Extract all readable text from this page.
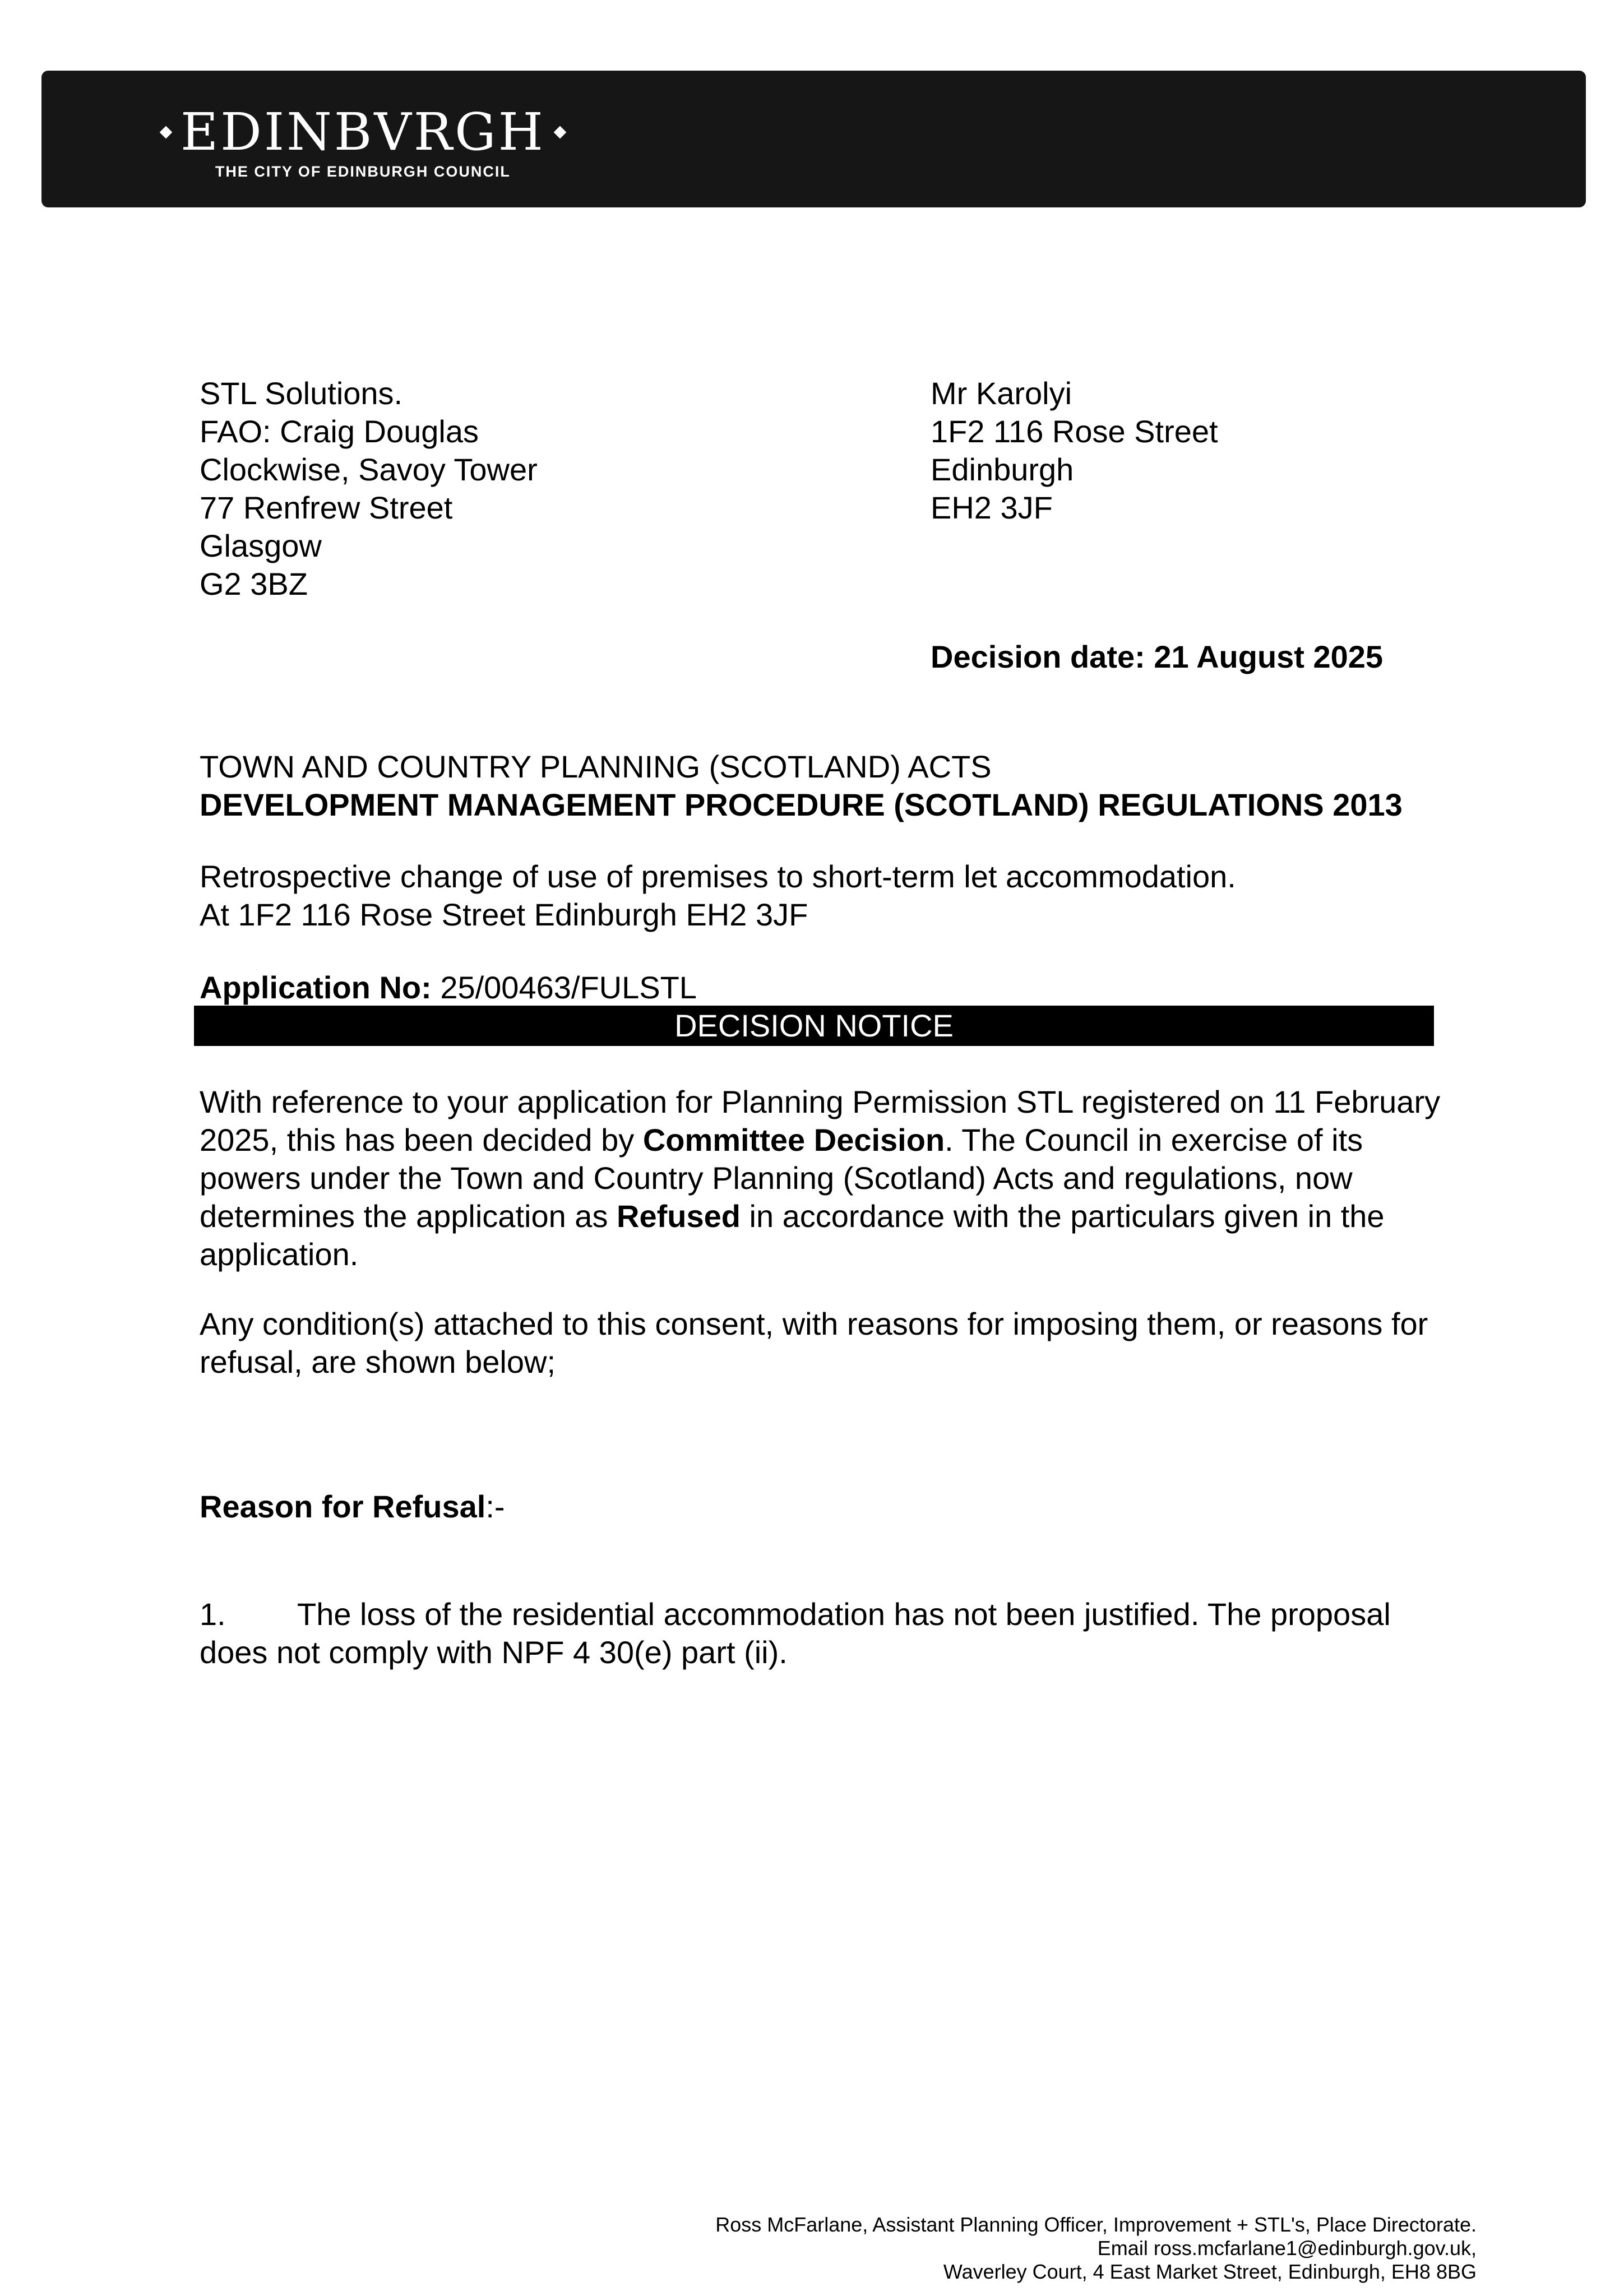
EDINBVRGH
THE CITY OF EDINBURGH COUNCIL
STL Solutions.
FAO: Craig Douglas
Clockwise, Savoy Tower
77 Renfrew Street
Glasgow
G2 3BZ
Mr Karolyi
1F2 116 Rose Street
Edinburgh
EH2 3JF
Decision date: 21 August 2025
TOWN AND COUNTRY PLANNING (SCOTLAND) ACTS
DEVELOPMENT MANAGEMENT PROCEDURE (SCOTLAND) REGULATIONS 2013
Retrospective change of use of premises to short-term let accommodation.
At 1F2 116 Rose Street Edinburgh EH2 3JF
Application No: 25/00463/FULSTL
DECISION NOTICE
With reference to your application for Planning Permission STL registered on 11 February 2025, this has been decided by Committee Decision. The Council in exercise of its powers under the Town and Country Planning (Scotland) Acts and regulations, now determines the application as Refused in accordance with the particulars given in the application.
Any condition(s) attached to this consent, with reasons for imposing them, or reasons for refusal, are shown below;
Reason for Refusal:-
1.	The loss of the residential accommodation has not been justified. The proposal
does not comply with NPF 4 30(e) part (ii).
Ross McFarlane, Assistant Planning Officer, Improvement + STL's, Place Directorate.
Email ross.mcfarlane1@edinburgh.gov.uk,
Waverley Court, 4 East Market Street, Edinburgh, EH8 8BG
